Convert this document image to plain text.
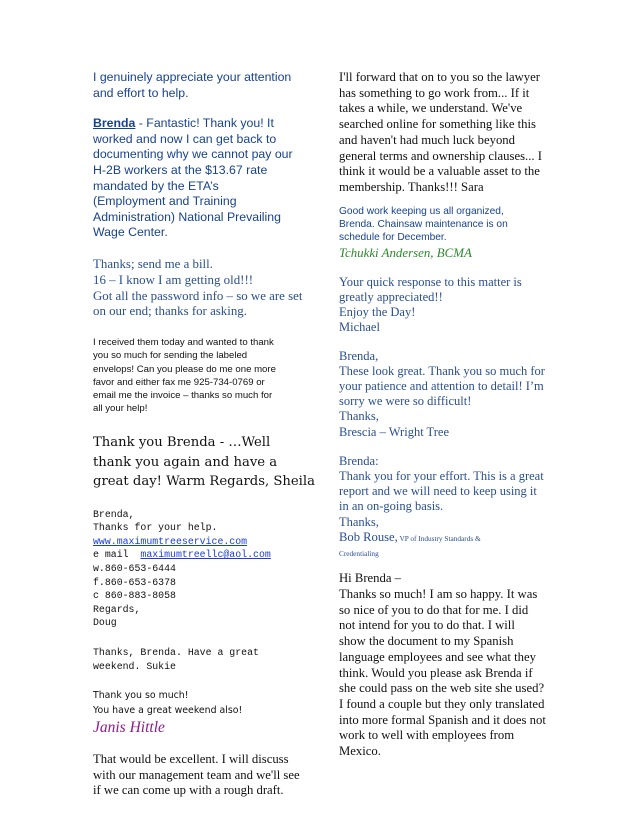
I genuinely appreciate your attention
and effort to help.
Brenda - Fantastic! Thank you! It
worked and now I can get back to
documenting why we cannot pay our
H-2B workers at the $13.67 rate
mandated by the ETA’s
(Employment and Training
Administration) National Prevailing
Wage Center.
Thanks; send me a bill.
16 – I know I am getting old!!!
Got all the password info – so we are set
on our end; thanks for asking.
I received them today and wanted to thank
you so much for sending the labeled
envelops! Can you please do me one more
favor and either fax me 925-734-0769 or
email me the invoice – thanks so much for
all your help!
Thank you Brenda - …Well
thank you again and have a
great day! Warm Regards, Sheila
Brenda,
Thanks for your help.
www.maximumtreeservice.com
e mail  maximumtreellc@aol.com
w.860-653-6444
f.860-653-6378
c 860-883-8058
Regards,
Doug
Thanks, Brenda. Have a great
weekend. Sukie
Thank you so much!
You have a great weekend also!
Janis Hittle
That would be excellent. I will discuss
with our management team and we'll see
if we can come up with a rough draft.
I'll forward that on to you so the lawyer
has something to go work from... If it
takes a while, we understand. We've
searched online for something like this
and haven't had much luck beyond
general terms and ownership clauses... I
think it would be a valuable asset to the
membership. Thanks!!! Sara
Good work keeping us all organized,
Brenda. Chainsaw maintenance is on
schedule for December.
Tchukki Andersen, BCMA
Your quick response to this matter is
greatly appreciated!!
Enjoy the Day!
Michael
Brenda,
These look great. Thank you so much for
your patience and attention to detail! I’m
sorry we were so difficult!
Thanks,
Brescia – Wright Tree
Brenda:
Thank you for your effort. This is a great
report and we will need to keep using it
in an on-going basis.
Thanks,
Bob Rouse, VP of Industry Standards &
Credentialing
Hi Brenda –
Thanks so much! I am so happy. It was
so nice of you to do that for me. I did
not intend for you to do that. I will
show the document to my Spanish
language employees and see what they
think. Would you please ask Brenda if
she could pass on the web site she used?
I found a couple but they only translated
into more formal Spanish and it does not
work to well with employees from
Mexico.
